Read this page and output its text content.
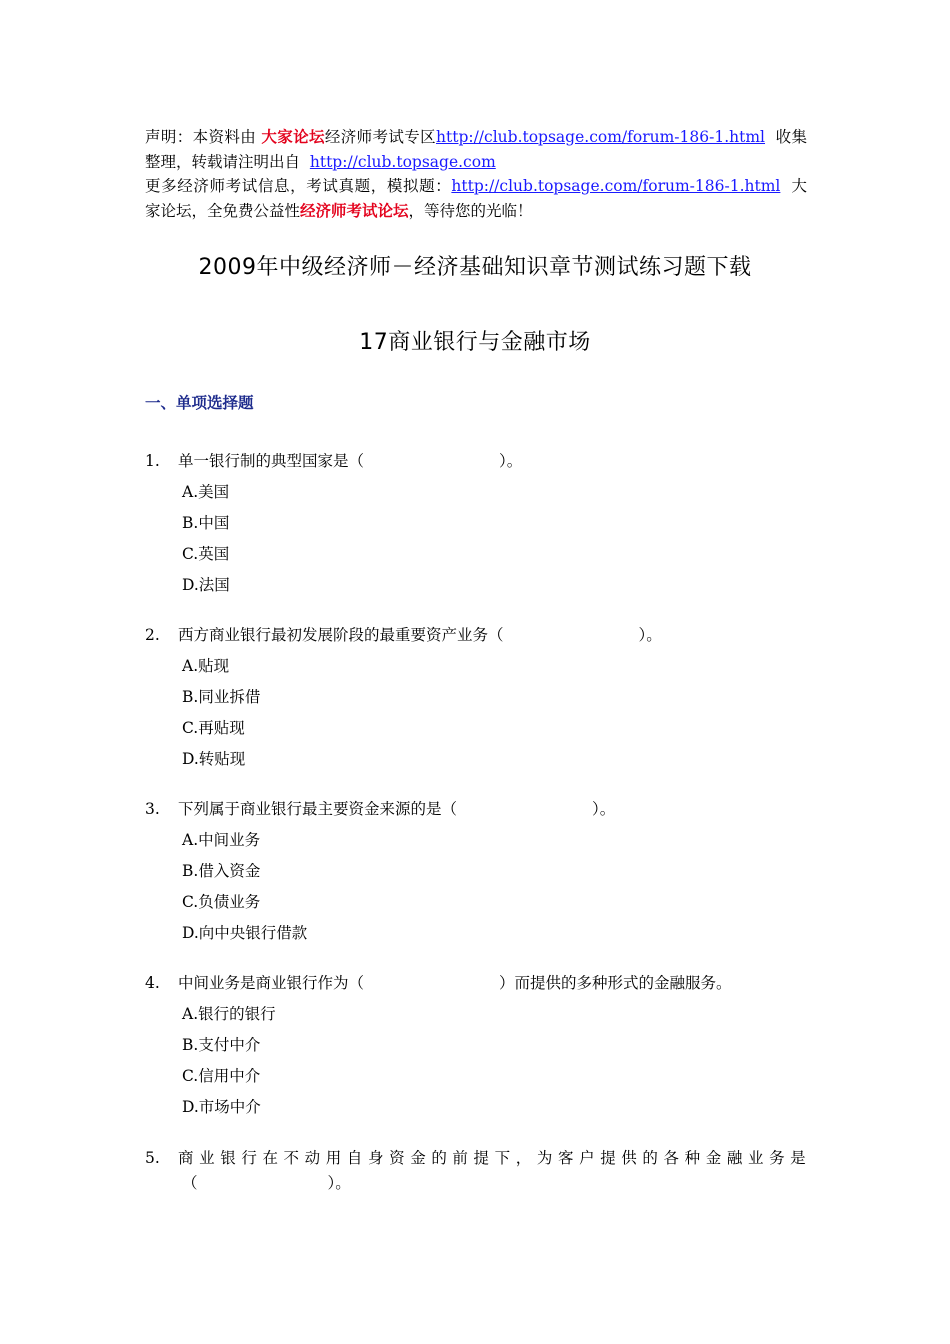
声明：本资料由 大家论坛经济师考试专区http://club.topsage.com/forum-186-1.html  收集整理，转载请注明出自  http://club.topsage.com
更多经济师考试信息，考试真题，模拟题：http://club.topsage.com/forum-186-1.html  大家论坛，全免费公益性经济师考试论坛，等待您的光临！
2009年中级经济师－经济基础知识章节测试练习题下载
17商业银行与金融市场
一、单项选择题
1. 单一银行制的典型国家是（	）。
A.美国
B.中国
C.英国
D.法国
2. 西方商业银行最初发展阶段的最重要资产业务（	）。
A.贴现
B.同业拆借
C.再贴现
D.转贴现
3. 下列属于商业银行最主要资金来源的是（	）。
A.中间业务
B.借入资金
C.负债业务
D.向中央银行借款
4. 中间业务是商业银行作为（	）而提供的多种形式的金融服务。
A.银行的银行
B.支付中介
C.信用中介
D.市场中介
5. 商 业 银 行 在 不 动 用 自 身 资 金 的 前 提 下 ， 为 客 户 提 供 的 各 种 金 融 业 务 是
（	）。
